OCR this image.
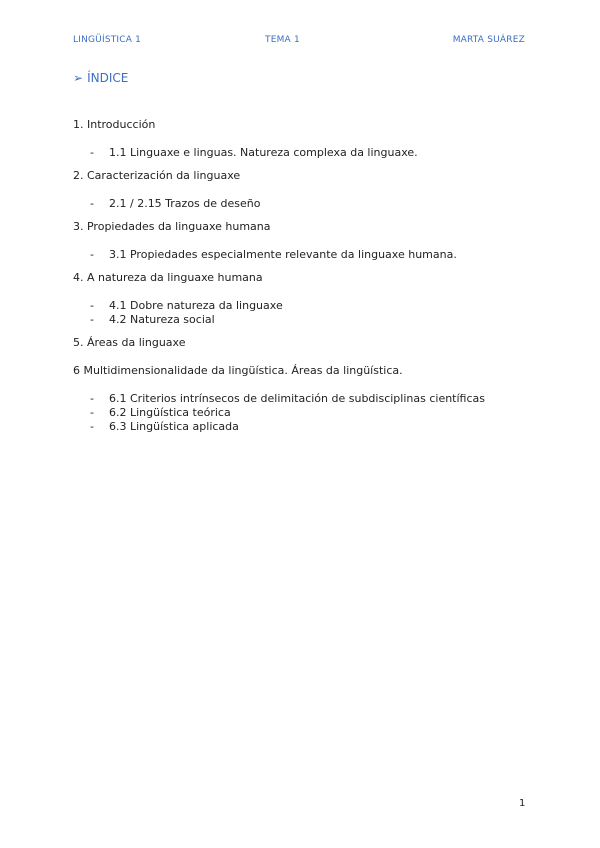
LINGÜÍSTICA 1	TEMA 1	MARTA SUÁREZ
➢ ÍNDICE
1. Introducción
- 1.1 Linguaxe e linguas. Natureza complexa da linguaxe.
2. Caracterización da linguaxe
- 2.1 / 2.15 Trazos de deseño
3. Propiedades da linguaxe humana
- 3.1 Propiedades especialmente relevante da linguaxe humana.
4. A natureza da linguaxe humana
- 4.1 Dobre natureza da linguaxe
- 4.2 Natureza social
5. Áreas da linguaxe
6 Multidimensionalidade da lingüística. Áreas da lingüística.
- 6.1 Criterios intrínsecos de delimitación de subdisciplinas científicas
- 6.2 Lingüística teórica
- 6.3 Lingüística aplicada
1
